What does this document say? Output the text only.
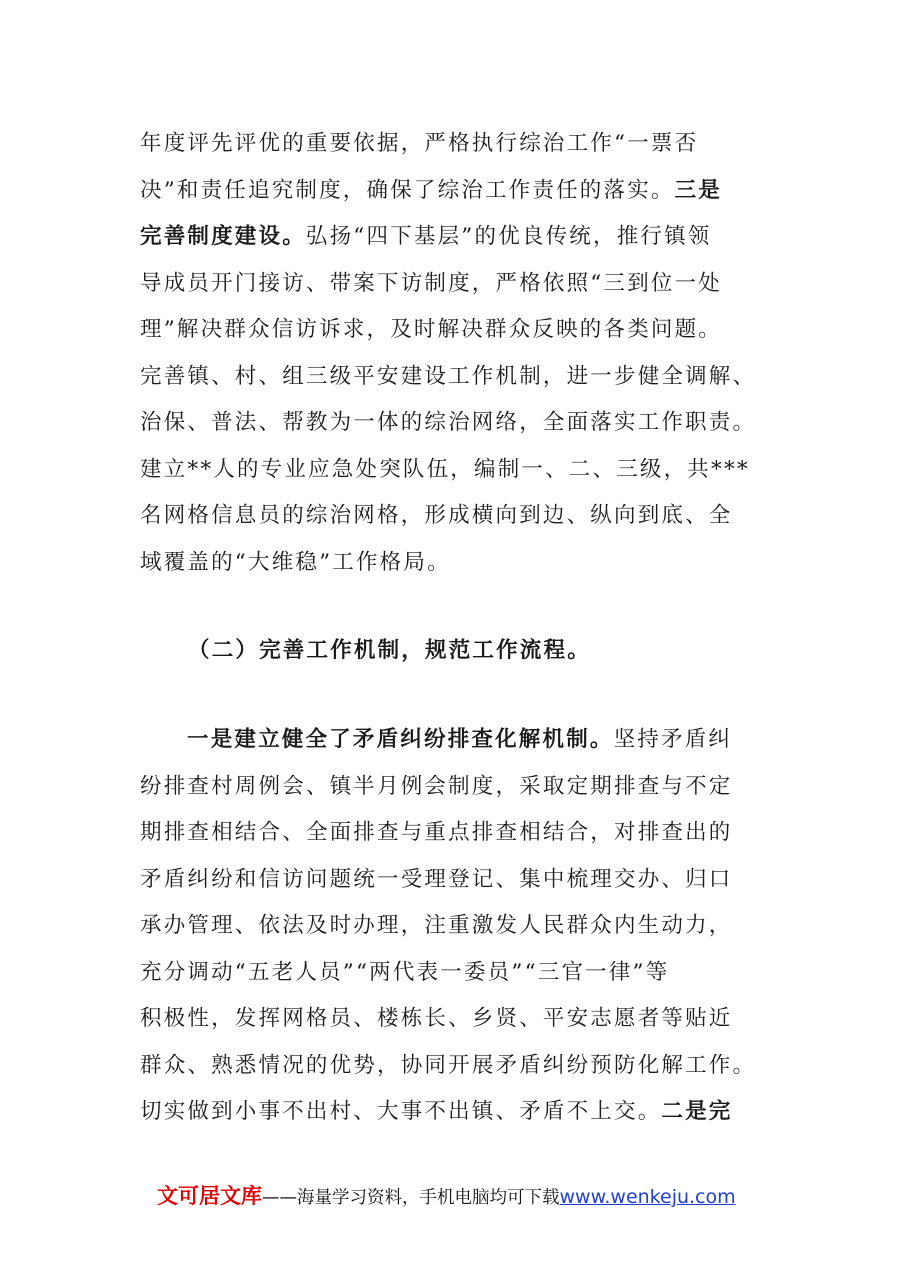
年度评先评优的重要依据，严格执行综治工作“一票否
决”和责任追究制度，确保了综治工作责任的落实。三是
完善制度建设。弘扬“四下基层”的优良传统，推行镇领
导成员开门接访、带案下访制度，严格依照“三到位一处
理”解决群众信访诉求，及时解决群众反映的各类问题。
完善镇、村、组三级平安建设工作机制，进一步健全调解、
治保、普法、帮教为一体的综治网络，全面落实工作职责。
建立**人的专业应急处突队伍，编制一、二、三级，共***
名网格信息员的综治网格，形成横向到边、纵向到底、全
域覆盖的“大维稳”工作格局。
（二）完善工作机制，规范工作流程。
一是建立健全了矛盾纠纷排查化解机制。坚持矛盾纠
纷排查村周例会、镇半月例会制度，采取定期排查与不定
期排查相结合、全面排查与重点排查相结合，对排查出的
矛盾纠纷和信访问题统一受理登记、集中梳理交办、归口
承办管理、依法及时办理，注重激发人民群众内生动力，
充分调动“五老人员”“两代表一委员”“三官一律”等
积极性，发挥网格员、楼栋长、乡贤、平安志愿者等贴近
群众、熟悉情况的优势，协同开展矛盾纠纷预防化解工作。
切实做到小事不出村、大事不出镇、矛盾不上交。二是完
文可居文库——海量学习资料，手机电脑均可下载www.wenkeju.com
